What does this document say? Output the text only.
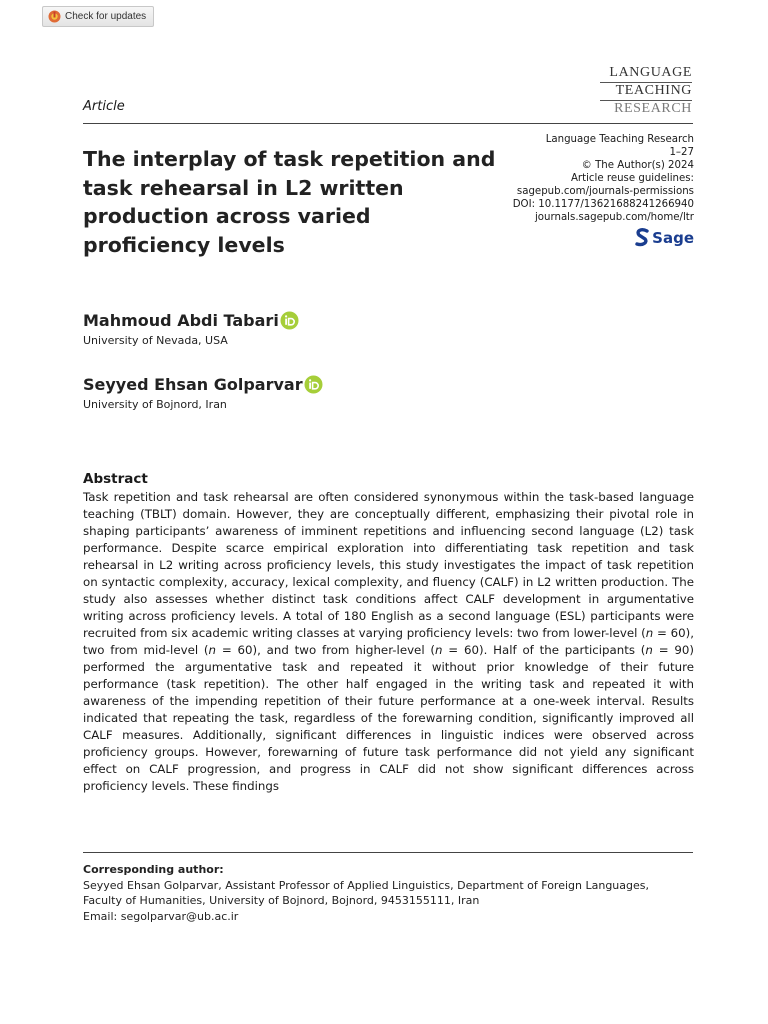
Check for updates
LANGUAGE
TEACHING
RESEARCH
Article
The interplay of task repetition and task rehearsal in L2 written production across varied proficiency levels
Language Teaching Research
1–27
© The Author(s) 2024
Article reuse guidelines:
sagepub.com/journals-permissions
DOI: 10.1177/13621688241266940
journals.sagepub.com/home/ltr
Sage
Mahmoud Abdi Tabari
University of Nevada, USA
Seyyed Ehsan Golparvar
University of Bojnord, Iran
Abstract

Task repetition and task rehearsal are often considered synonymous within the task-based language teaching (TBLT) domain. However, they are conceptually different, emphasizing their pivotal role in shaping participants’ awareness of imminent repetitions and influencing second language (L2) task performance. Despite scarce empirical exploration into differentiating task repetition and task rehearsal in L2 writing across proficiency levels, this study investigates the impact of task repetition on syntactic complexity, accuracy, lexical complexity, and fluency (CALF) in L2 written production. The study also assesses whether distinct task conditions affect CALF development in argumentative writing across proficiency levels. A total of 180 English as a second language (ESL) participants were recruited from six academic writing classes at varying proficiency levels: two from lower-level (n = 60), two from mid-level (n = 60), and two from higher-level (n = 60). Half of the participants (n = 90) performed the argumentative task and repeated it without prior knowledge of their future performance (task repetition). The other half engaged in the writing task and repeated it with awareness of the impending repetition of their future performance at a one-week interval. Results indicated that repeating the task, regardless of the forewarning condition, significantly improved all CALF measures. Additionally, significant differences in linguistic indices were observed across proficiency groups. However, forewarning of future task performance did not yield any significant effect on CALF progression, and progress in CALF did not show significant differences across proficiency levels. These findings

Corresponding author:
Seyyed Ehsan Golparvar, Assistant Professor of Applied Linguistics, Department of Foreign Languages,
Faculty of Humanities, University of Bojnord, Bojnord, 9453155111, Iran
Email: segolparvar@ub.ac.ir
